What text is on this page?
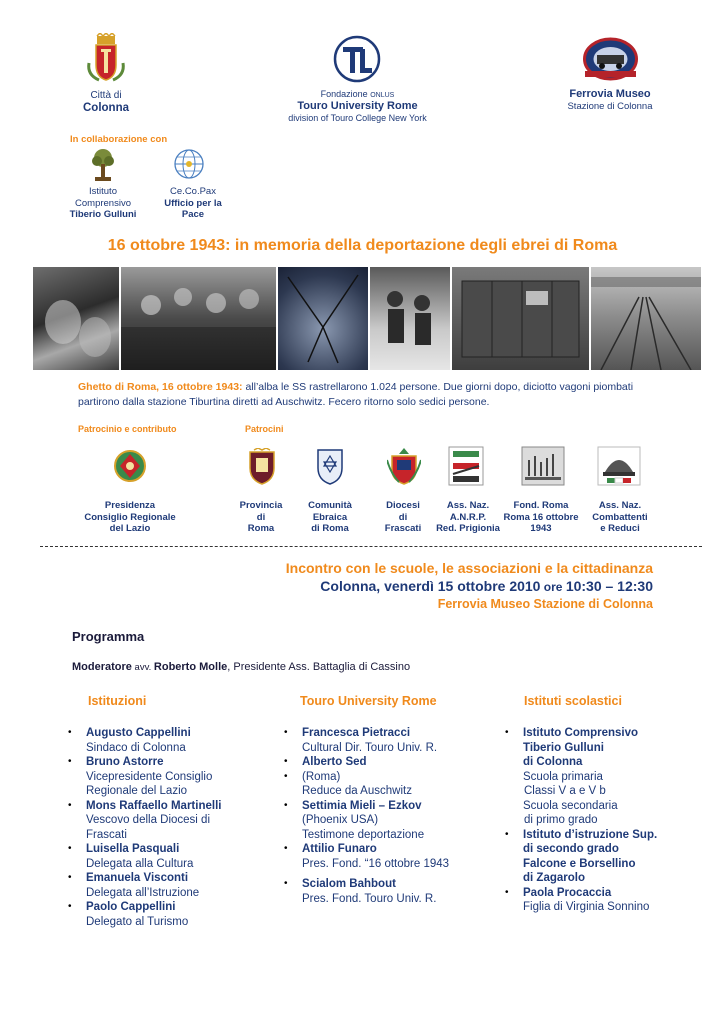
Città di
Colonna
Fondazione ONLUS
Touro University Rome
division of Touro College New York
Ferrovia Museo
Stazione di Colonna
In collaborazione con
Istituto
Comprensivo
Tiberio Gulluni
Ce.Co.Pax
Ufficio per la
Pace
16 ottobre 1943: in memoria della deportazione degli ebrei di Roma
Ghetto di Roma, 16 ottobre 1943: all’alba le SS rastrellarono 1.024 persone. Due giorni dopo, diciotto vagoni piombati
partirono dalla stazione Tiburtina diretti ad Auschwitz. Fecero ritorno solo sedici persone.
Patrocinio e contributo	Patrocini
Presidenza
Consiglio Regionale
del Lazio
Provincia
di
Roma
Comunità
Ebraica
di Roma
Diocesi
di
Frascati
Ass. Naz.
A.N.R.P.
Red. Prigionia
Fond. Roma
Roma 16 ottobre
1943
Ass. Naz.
Combattenti
e Reduci
Incontro con le scuole, le associazioni e la cittadinanza
Colonna, venerdì 15 ottobre 2010 ore 10:30 – 12:30
Ferrovia Museo Stazione di Colonna
Programma
Moderatore avv. Roberto Molle, Presidente Ass. Battaglia di Cassino
Istituzioni	Touro University Rome	Istituti scolastici
• Augusto Cappellini
Sindaco di Colonna
• Bruno Astorre
Vicepresidente Consiglio
Regionale del Lazio
• Mons Raffaello Martinelli
Vescovo della Diocesi di
Frascati
• Luisella Pasquali
Delegata alla Cultura
• Emanuela Visconti
Delegata all’Istruzione
• Paolo Cappellini
Delegato al Turismo
• Francesca Pietracci
Cultural Dir. Touro Univ. R.
• Alberto Sed
• (Roma)
Reduce da Auschwitz
• Settimia Mieli – Ezkov
(Phoenix USA)
Testimone deportazione
• Attilio Funaro
Pres. Fond. “16 ottobre 1943
• Scialom Bahbout
Pres. Fond. Touro Univ. R.
• Istituto Comprensivo
Tiberio Gulluni
di Colonna
Scuola primaria
Classi V a e V b
Scuola secondaria
di primo grado
• Istituto d’istruzione Sup.
di secondo grado
Falcone e Borsellino
di Zagarolo
• Paola Procaccia
Figlia di Virginia Sonnino
